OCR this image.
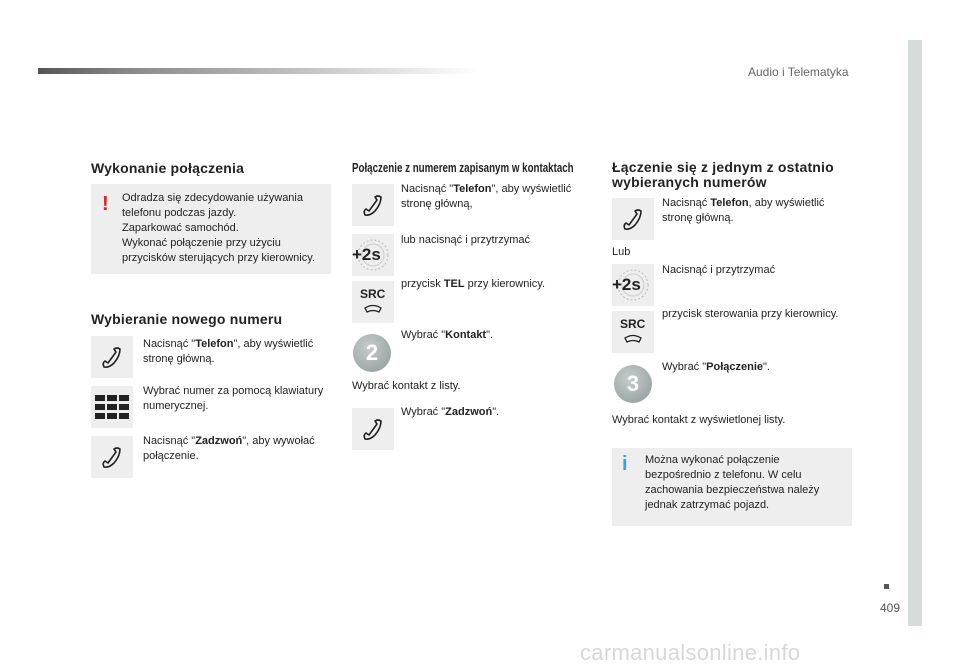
Audio i Telematyka
409
Wykonanie połączenia
! Odradza się zdecydowanie używania
telefonu podczas jazdy.
Zaparkować samochód.
Wykonać połączenie przy użyciu
przycisków sterujących przy kierownicy.
Wybieranie nowego numeru
Nacisnąć "Telefon", aby wyświetlić
stronę główną.
Wybrać numer za pomocą klawiatury
numerycznej.
Nacisnąć "Zadzwoń", aby wywołać
połączenie.
Połączenie z numerem zapisanym w kontaktach
Nacisnąć "Telefon", aby wyświetlić
stronę główną,
+2s
lub nacisnąć i przytrzymać
SRC
przycisk TEL przy kierownicy.
2
Wybrać "Kontakt".
Wybrać kontakt z listy.
Wybrać "Zadzwoń".
Łączenie się z jednym z ostatnio
wybieranych numerów
Nacisnąć Telefon, aby wyświetlić
stronę główną.
Lub
+2s
Nacisnąć i przytrzymać
SRC
przycisk sterowania przy kierownicy.
3
Wybrać "Połączenie".
Wybrać kontakt z wyświetlonej listy.
i Można wykonać połączenie
bezpośrednio z telefonu. W celu
zachowania bezpieczeństwa należy
jednak zatrzymać pojazd.
carmanualsonline.info
